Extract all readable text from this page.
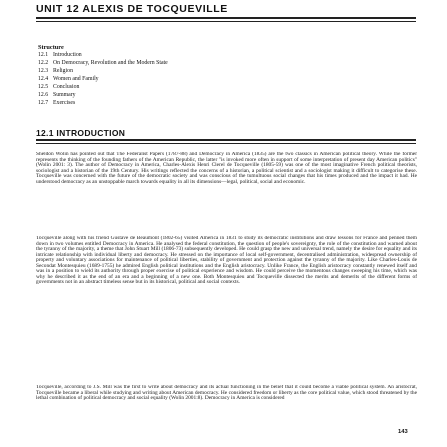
UNIT 12 ALEXIS DE TOCQUEVILLE
Structure
12.1 Introduction
12.2 On Democracy, Revolution and the Modern State
12.3 Religion
12.4 Women and Family
12.5 Conclusion
12.6 Summary
12.7 Exercises
12.1 INTRODUCTION

Sheldon Wolin has pointed out that The Federalist Papers (1787-88) and Democracy in America (1835) are the two classics in American political theory. While the former represents the thinking of the founding fathers of the American Republic, the latter "is invoked more often in support of some interpretation of present day American politics" (Wolin 2001: 3). The author of Democracy in America, Charles-Alexis Henri Clerel de Tocqueville (1805-59) was one of the most imaginative French political theorists, sociologist and a historian of the 19th Century. His writings reflected the concerns of a historian, a political scientist and a sociologist making it difficult to categorise these. Tocqueville was concerned with the future of the democratic society and was conscious of the tumultuous social changes that his times produced and the impact it had. He understood democracy as an unstoppable march towards equality in all its dimensions—legal, political, social and economic.

Tocqueville along with his friend Gustave de Beaumont (1802-65) visited America in 1831 to study its democratic institutions and draw lessons for France and penned them down in two volumes entitled Democracy in America. He analysed the federal constitution, the question of people's sovereignty, the role of the constitution and warned about the tyranny of the majority, a theme that John Stuart Mill (1806-73) subsequently developed. He could grasp the new and universal trend, namely the desire for equality and its intricate relationship with individual liberty and democracy. He stressed on the importance of local self-government, decentralised administration, widespread ownership of property and voluntary associations for maintenance of political liberties, stability of government and protection against the tyranny of the majority. Like Charles-Louis de Secondat Montesquieu (1689-1755) he admired English political institutions and the English aristocracy. Unlike France, the English aristocracy constantly renewed itself and was in a position to wield its authority through proper exercise of political experience and wisdom. He could perceive the momentous changes sweeping his time, which was why he described it as the end of an era and a beginning of a new one. Both Montesquieu and Tocqueville dissected the merits and demerits of the different forms of governments not in an abstract timeless sense but in its historical, political and social contexts.

Tocqueville, according to J.S. Mill was the first to write about democracy and its actual functioning in the belief that it could become a viable political system. An aristocrat, Tocqueville became a liberal while studying and writing about American democracy. He considered freedom or liberty as the core political value, which stood threatened by the lethal combination of political democracy and social equality (Wolin 2001:8). Democracy in America is considered

143
